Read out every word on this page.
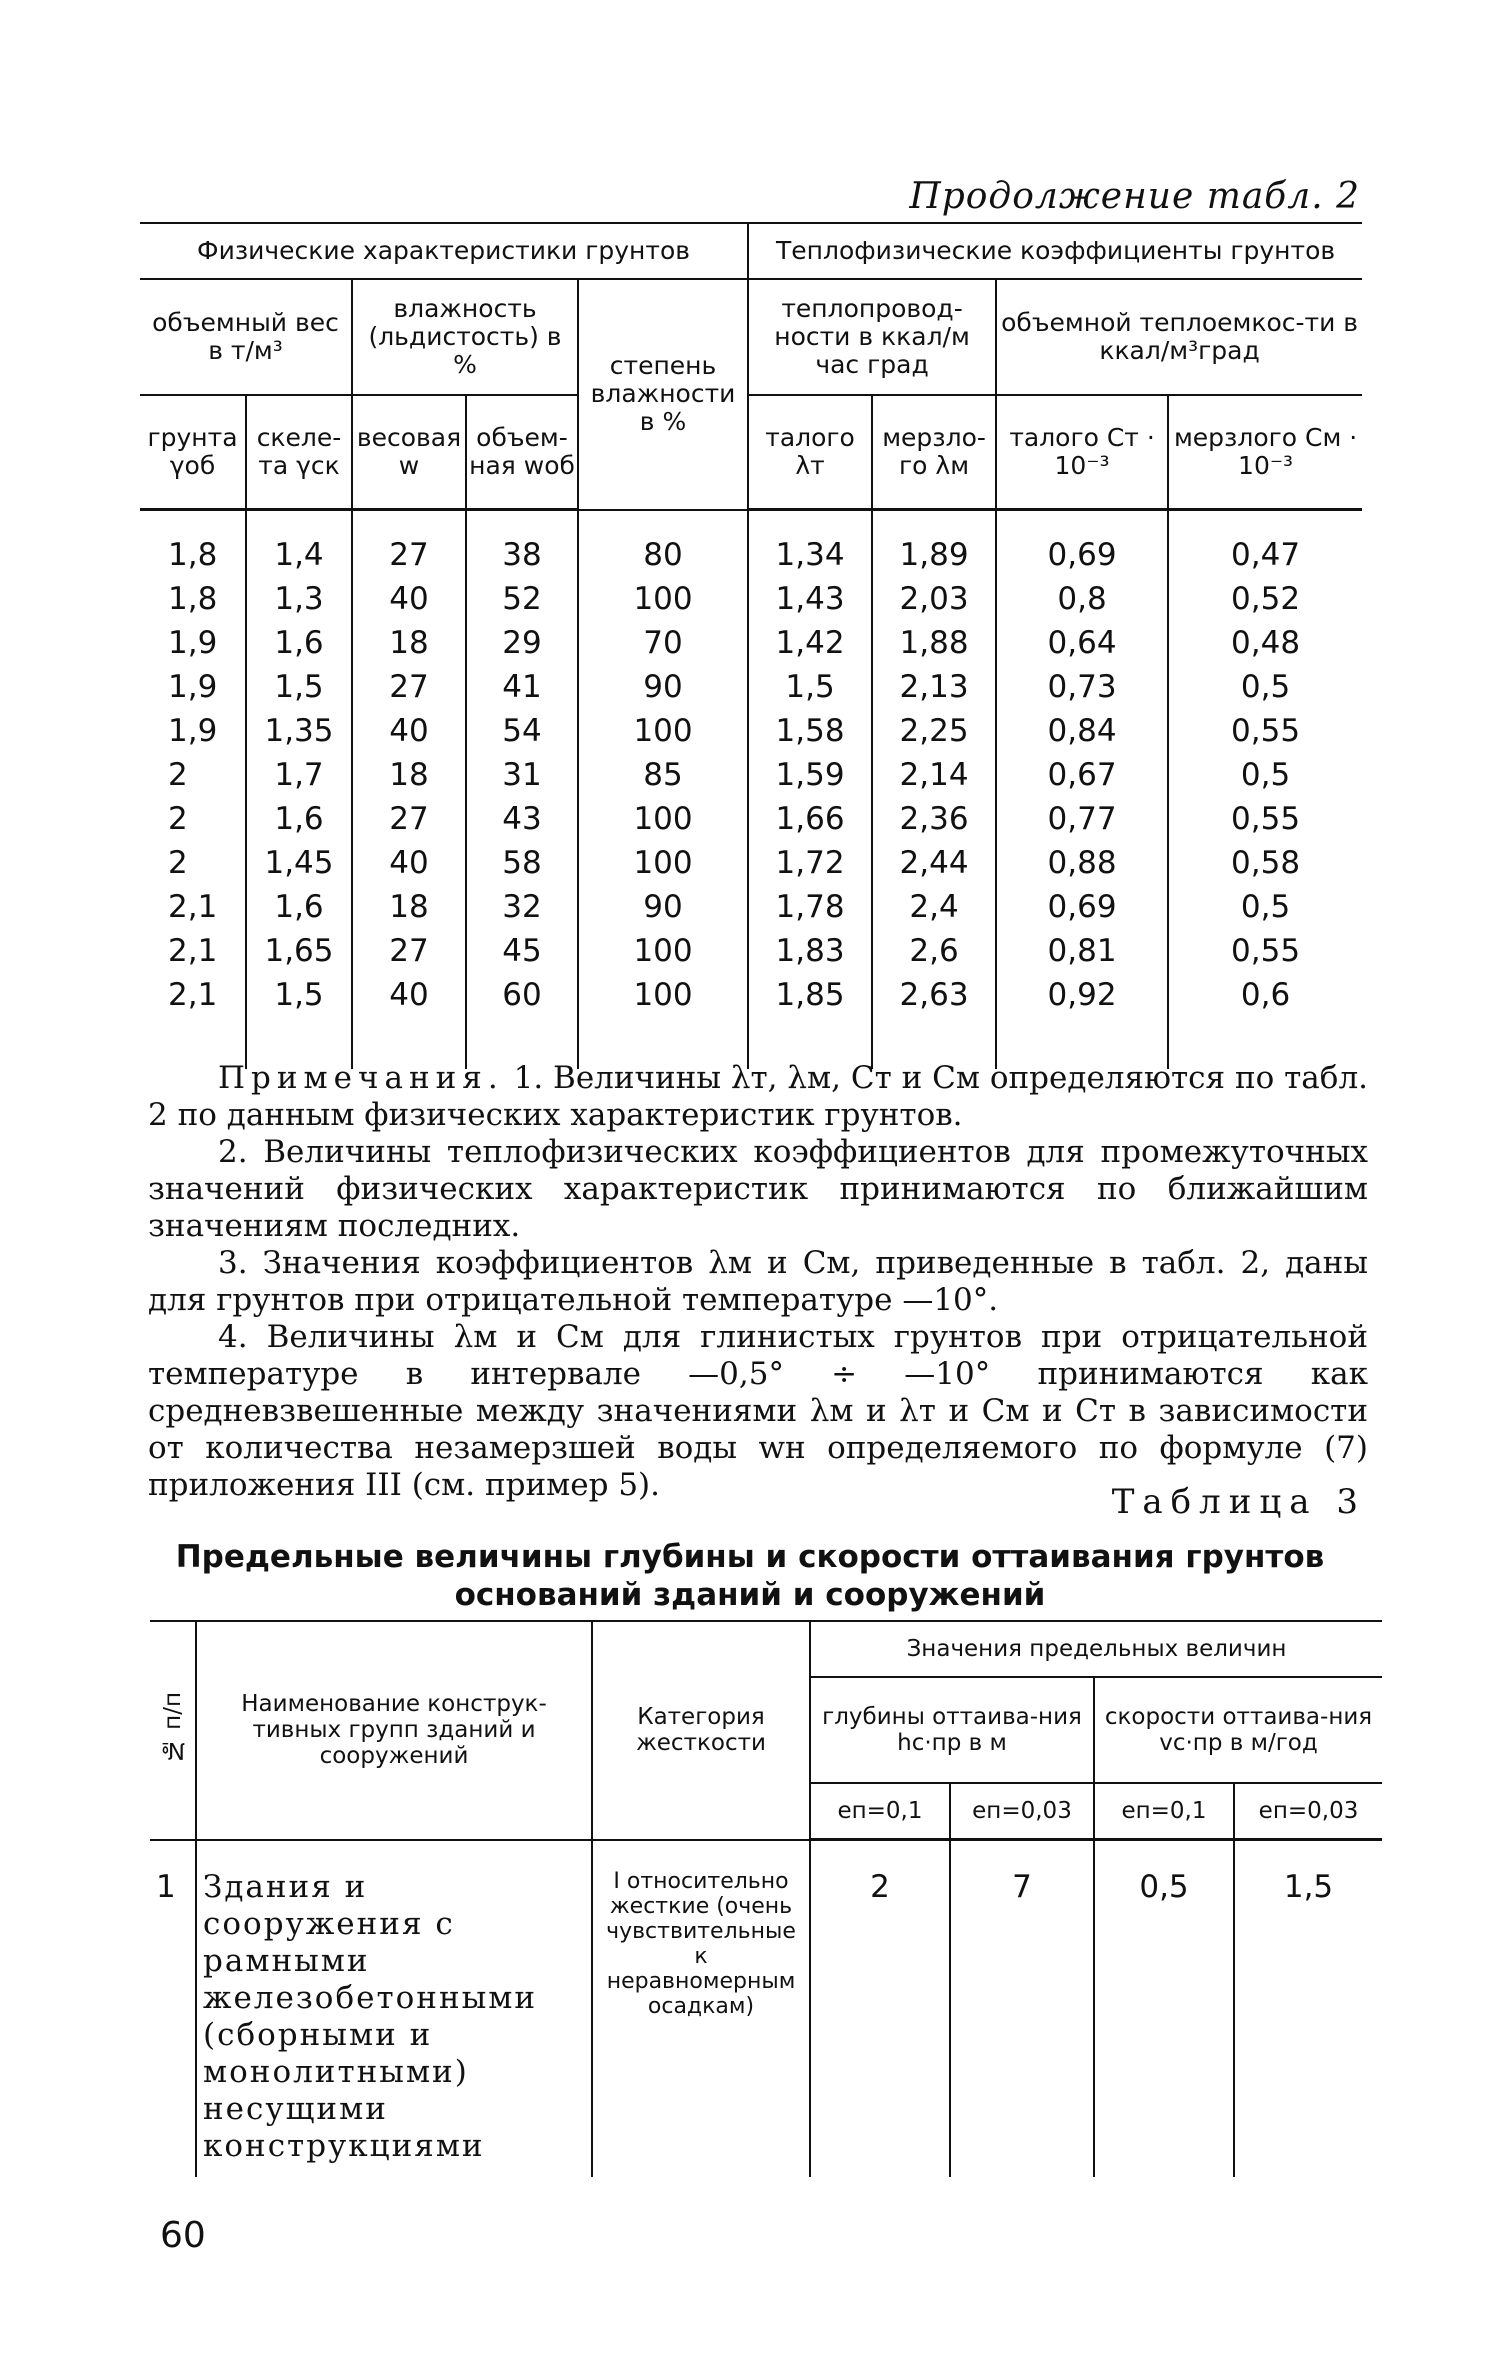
Продолжение табл. 2
Физические характеристики грунтов					Теплофизические коэффициенты грунтов			
объемный вес в т/м³		влажность (льдистость) в %		степень влажности в %	теплопровод-ности в ккал/м час град		объемной теплоемкос-ти в ккал/м³град	
грунта γоб	скеле-та γск	весовая w	объем-ная wоб		талого λт	мерзло-го λм	талого Cт · 10⁻³	мерзлого Cм · 10⁻³

1,8	1,4	27	38	80	1,34	1,89	0,69	0,47
1,8	1,3	40	52	100	1,43	2,03	0,8	0,52
1,9	1,6	18	29	70	1,42	1,88	0,64	0,48
1,9	1,5	27	41	90	1,5	2,13	0,73	0,5
1,9	1,35	40	54	100	1,58	2,25	0,84	0,55
2	1,7	18	31	85	1,59	2,14	0,67	0,5
2	1,6	27	43	100	1,66	2,36	0,77	0,55
2	1,45	40	58	100	1,72	2,44	0,88	0,58
2,1	1,6	18	32	90	1,78	2,4	0,69	0,5
2,1	1,65	27	45	100	1,83	2,6	0,81	0,55
2,1	1,5	40	60	100	1,85	2,63	0,92	0,6

Примечания. 1. Величины λт, λм, Cт и Cм определяются по табл. 2 по данным физических характеристик грунтов.

2. Величины теплофизических коэффициентов для промежуточных значений физических характеристик принимаются по ближайшим значениям последних.

3. Значения коэффициентов λм и Cм, приведенные в табл. 2, даны для грунтов при отрицательной температуре —10°.

4. Величины λм и Cм для глинистых грунтов при отрицательной температуре в интервале —0,5° ÷ —10° принимаются как средневзвешенные между значениями λм и λт и Cм и Cт в зависимости от количества незамерзшей воды wн определяемого по формуле (7) приложения III (см. пример 5).	Таблица 3
Предельные величины глубины и скорости оттаивания грунтов
оснований зданий и сооружений
№ п/п	Наименование конструк-тивных групп зданий и сооружений	Категория жесткости	Значения предельных величин			
			глубины оттаива-ния hс·пр в м		скорости оттаива-ния vс·пр в м/год	
			eп=0,1	eп=0,03	eп=0,1	eп=0,03
1	Здания и сооружения с рамными железобетонными (сборными и монолитными) несущими конструкциями	I относительно жесткие (очень чувствительные к неравномерным осадкам)	2	7	0,5	1,5
60
